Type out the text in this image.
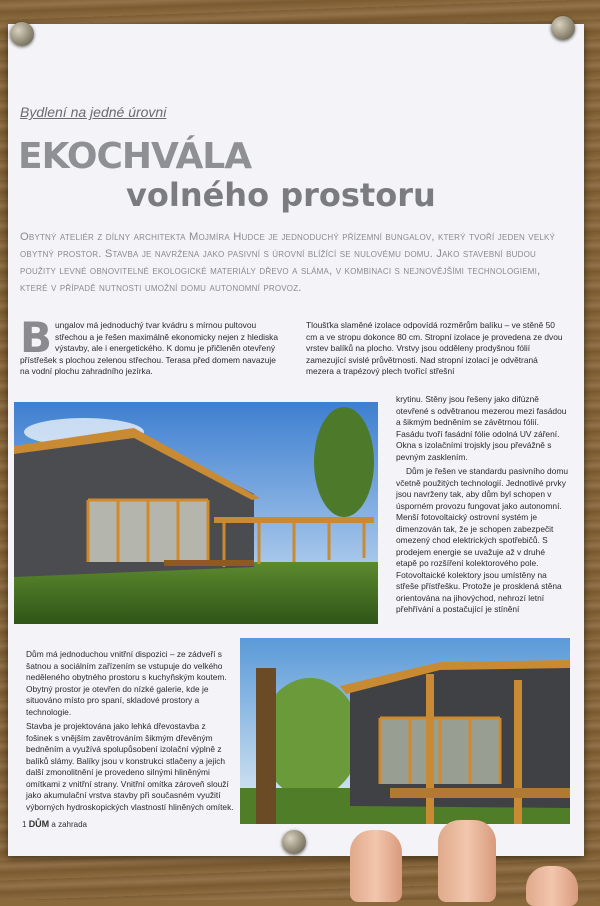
Bydlení na jedné úrovni
EKOCHVÁLA
volného prostoru
Obytný ateliér z dílny architekta Mojmíra Hudce je jednoduchý přízemní bungalov, který tvoří jeden velký obytný prostor. Stavba je navržena jako pasivní s úrovní blížící se nulovému domu. Jako stavební budou použity levné obnovitelné ekologické materiály dřevo a sláma, v kombinaci s nejnovějšími technologiemi, které v případě nutnosti umožní domu autonomní provoz.
B ungalov má jednoduchý tvar kvádru s mírnou pultovou střechou a je řešen maximálně ekonomicky nejen z hlediska výstavby, ale i energetického. K domu je přičleněn otevřený přístřešek s plochou zelenou střechou. Terasa před domem navazuje na vodní plochu zahradního jezírka.
Tloušťka slaměné izolace odpovídá rozměrům balíku – ve stěně 50 cm a ve stropu dokonce 80 cm. Stropní izolace je provedena ze dvou vrstev balíků na plocho. Vrstvy jsou odděleny prodyšnou fólií zamezující svislé průvětrnosti. Nad stropní izolací je odvětraná mezera a trapézový plech tvořící střešní

krytinu. Stěny jsou řešeny jako difúzně otevřené s odvětranou mezerou mezi fasádou a šikmým bedněním se závětrnou fólií. Fasádu tvoří fasádní fólie odolná UV záření. Okna s izolačními trojskly jsou převážně s pevným zasklením.

Dům je řešen ve standardu pasivního domu včetně použitých technologií. Jednotlivé prvky jsou navrženy tak, aby dům byl schopen v úsporném provozu fungovat jako autonomní. Menší fotovoltaický ostrovní systém je dimenzován tak, že je schopen zabezpečit omezený chod elektrických spotřebičů. S prodejem energie se uvažuje až v druhé etapě po rozšíření kolektorového pole. Fotovoltaické kolektory jsou umístěny na střeše přístřešku. Protože je prosklená stěna orientována na jihovýchod, nehrozí letní přehřívání a postačující je stínění

Dům má jednoduchou vnitřní dispozici – ze zádveří s šatnou a sociálním zařízením se vstupuje do velkého neděleného obytného prostoru s kuchyňským koutem. Obytný prostor je otevřen do nízké galerie, kde je situováno místo pro spaní, skladové prostory a technologie.

Stavba je projektována jako lehká dřevostavba z fošinek s vnějším zavětrováním šikmým dřevěným bedněním a využívá spolupůsobení izolační výplně z balíků slámy. Balíky jsou v konstrukci stlačeny a jejich další zmonolitnění je provedeno silnými hliněnými omítkami z vnitřní strany. Vnitřní omítka zároveň slouží jako akumulační vrstva stavby při současném využití výborných hydroskopických vlastností hliněných omítek.

1 DŮM a zahrada
